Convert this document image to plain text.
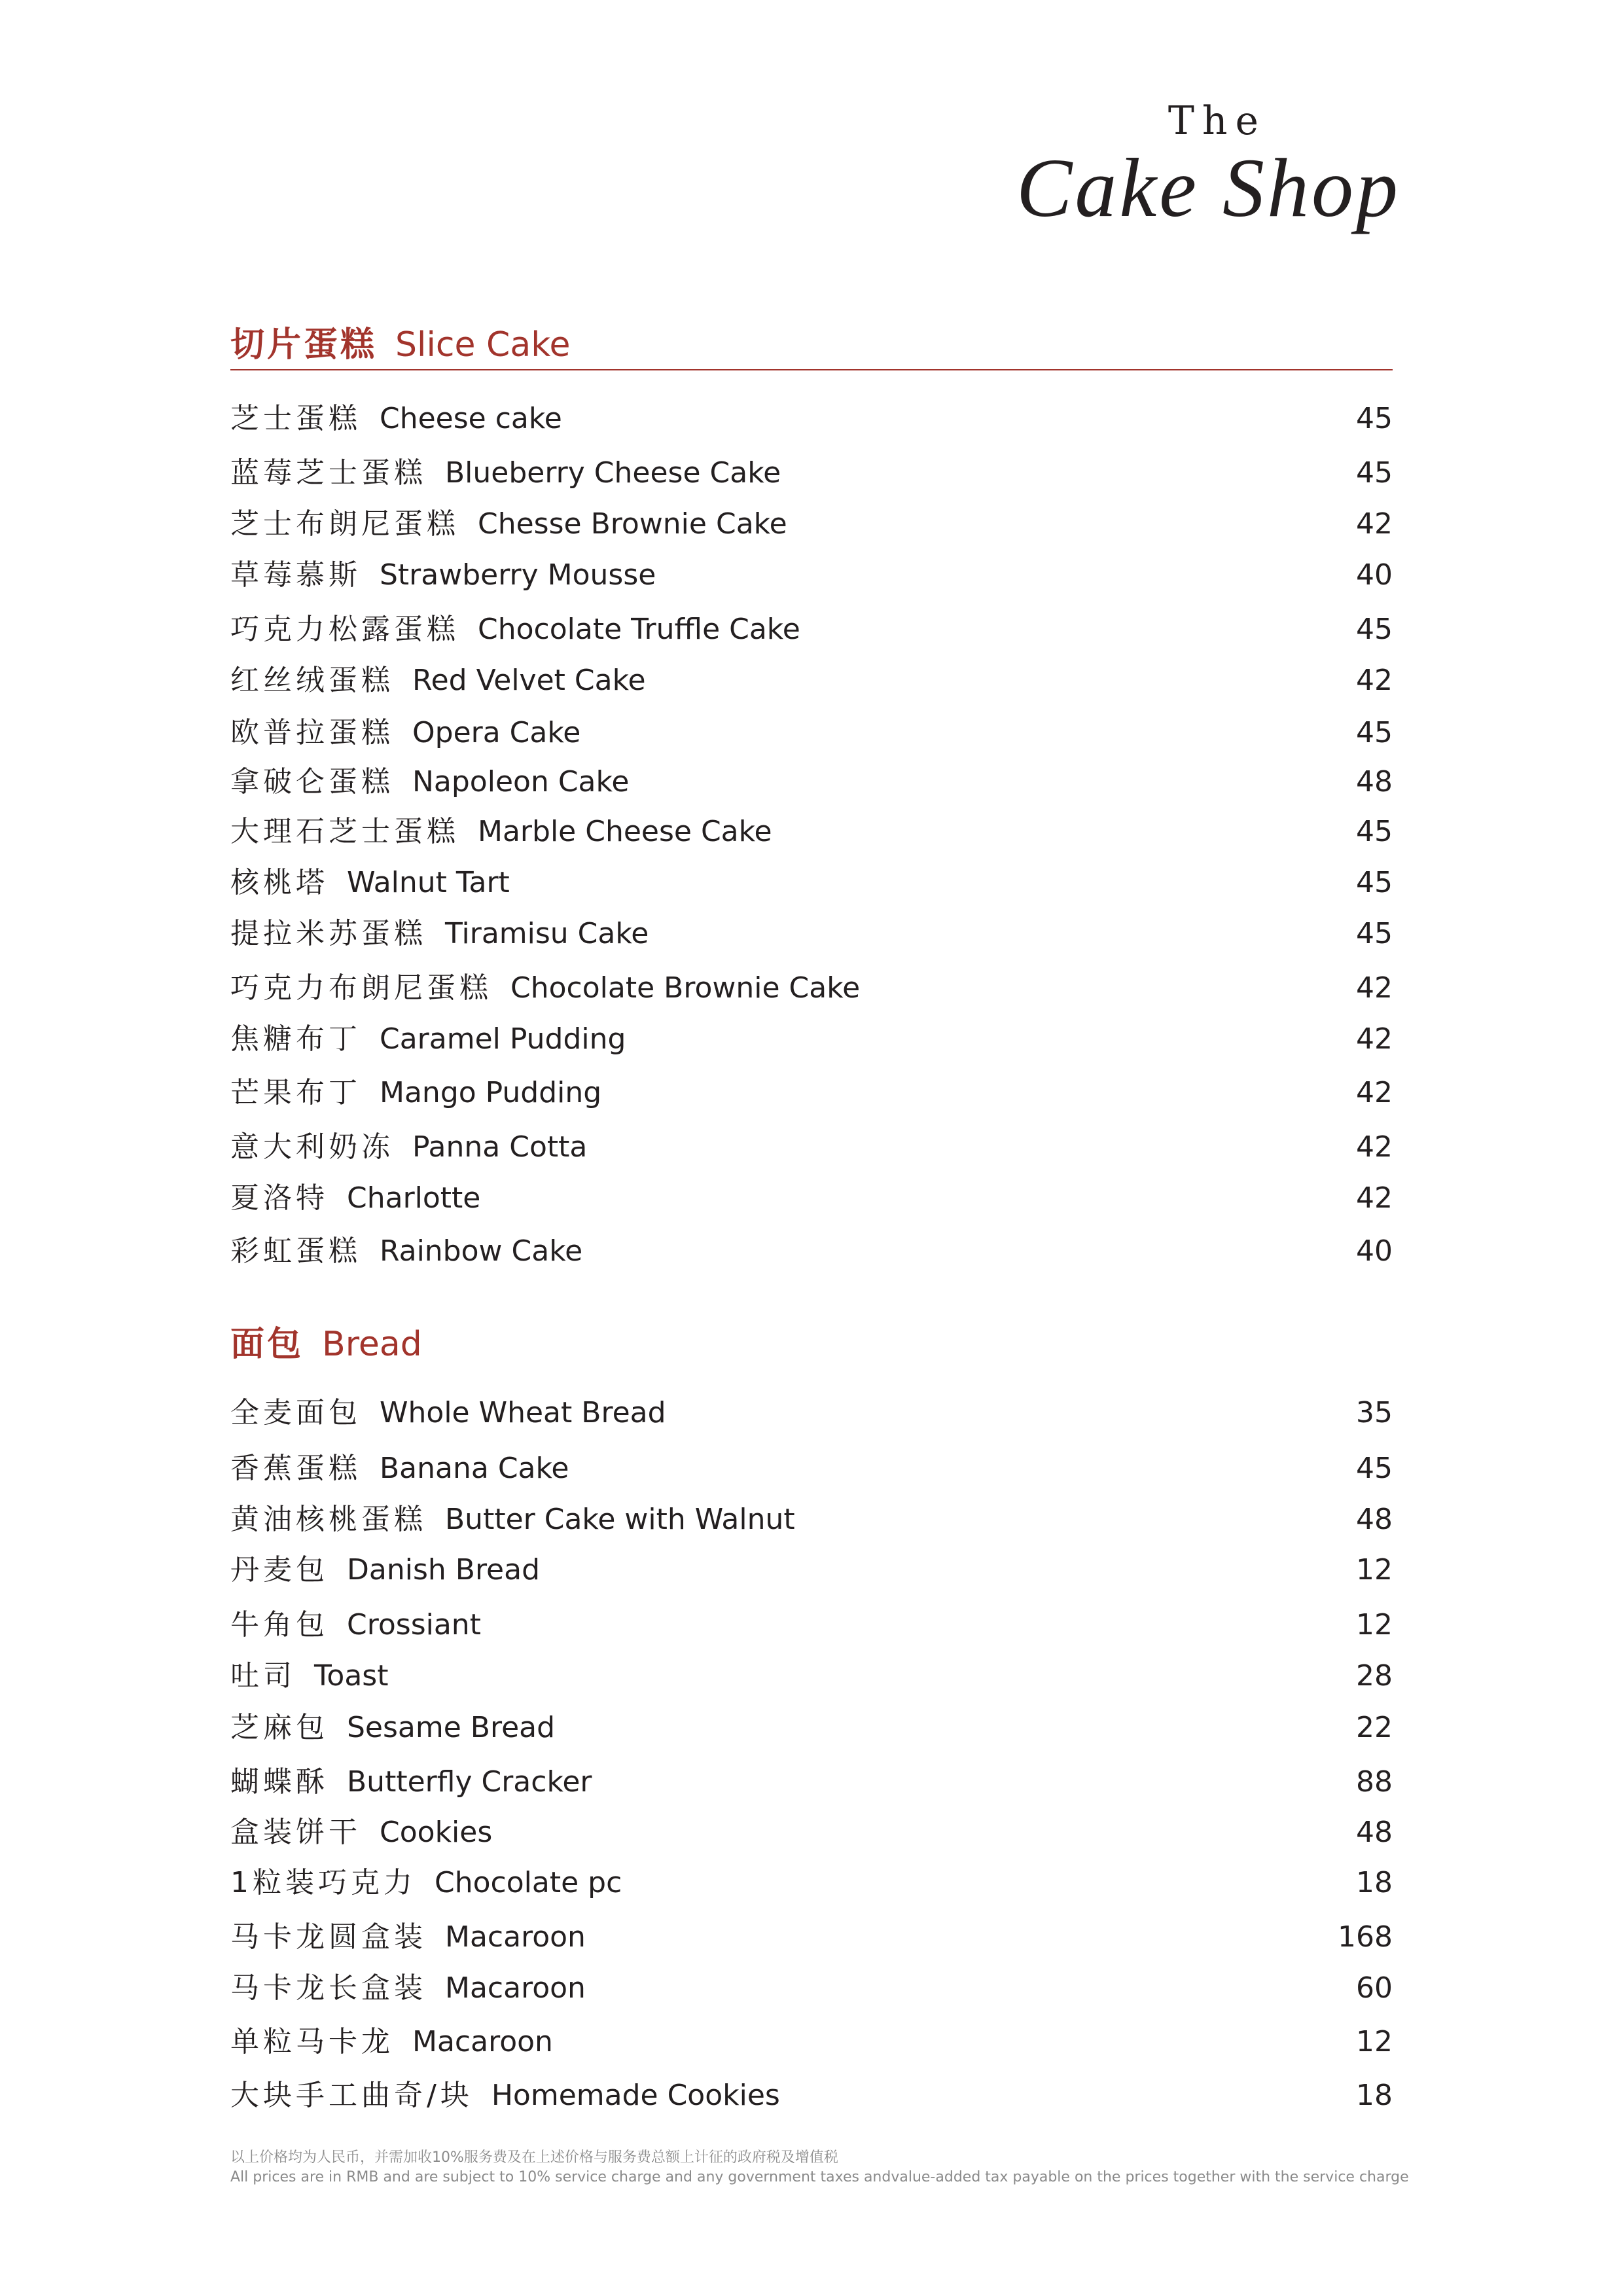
The
Cake Shop
切片蛋糕 Slice Cake
芝士蛋糕 Cheese cake	45
蓝莓芝士蛋糕 Blueberry Cheese Cake	45
芝士布朗尼蛋糕 Chesse Brownie Cake	42
草莓慕斯 Strawberry Mousse	40
巧克力松露蛋糕 Chocolate Truffle Cake	45
红丝绒蛋糕 Red Velvet Cake	42
欧普拉蛋糕 Opera Cake	45
拿破仑蛋糕 Napoleon Cake	48
大理石芝士蛋糕 Marble Cheese Cake	45
核桃塔 Walnut Tart	45
提拉米苏蛋糕 Tiramisu Cake	45
巧克力布朗尼蛋糕 Chocolate Brownie Cake	42
焦糖布丁 Caramel Pudding	42
芒果布丁 Mango Pudding	42
意大利奶冻 Panna Cotta	42
夏洛特 Charlotte	42
彩虹蛋糕 Rainbow Cake	40
面包 Bread
全麦面包 Whole Wheat Bread	35
香蕉蛋糕 Banana Cake	45
黄油核桃蛋糕 Butter Cake with Walnut	48
丹麦包 Danish Bread	12
牛角包 Crossiant	12
吐司 Toast	28
芝麻包 Sesame Bread	22
蝴蝶酥 Butterfly Cracker	88
盒装饼干 Cookies	48
1粒装巧克力 Chocolate pc	18
马卡龙圆盒装 Macaroon	168
马卡龙长盒装 Macaroon	60
单粒马卡龙 Macaroon	12
大块手工曲奇/块 Homemade Cookies	18
以上价格均为人民币，并需加收10%服务费及在上述价格与服务费总额上计征的政府税及增值税
All prices are in RMB and are subject to 10% service charge and any government taxes andvalue-added tax payable on the prices together with the service charge
